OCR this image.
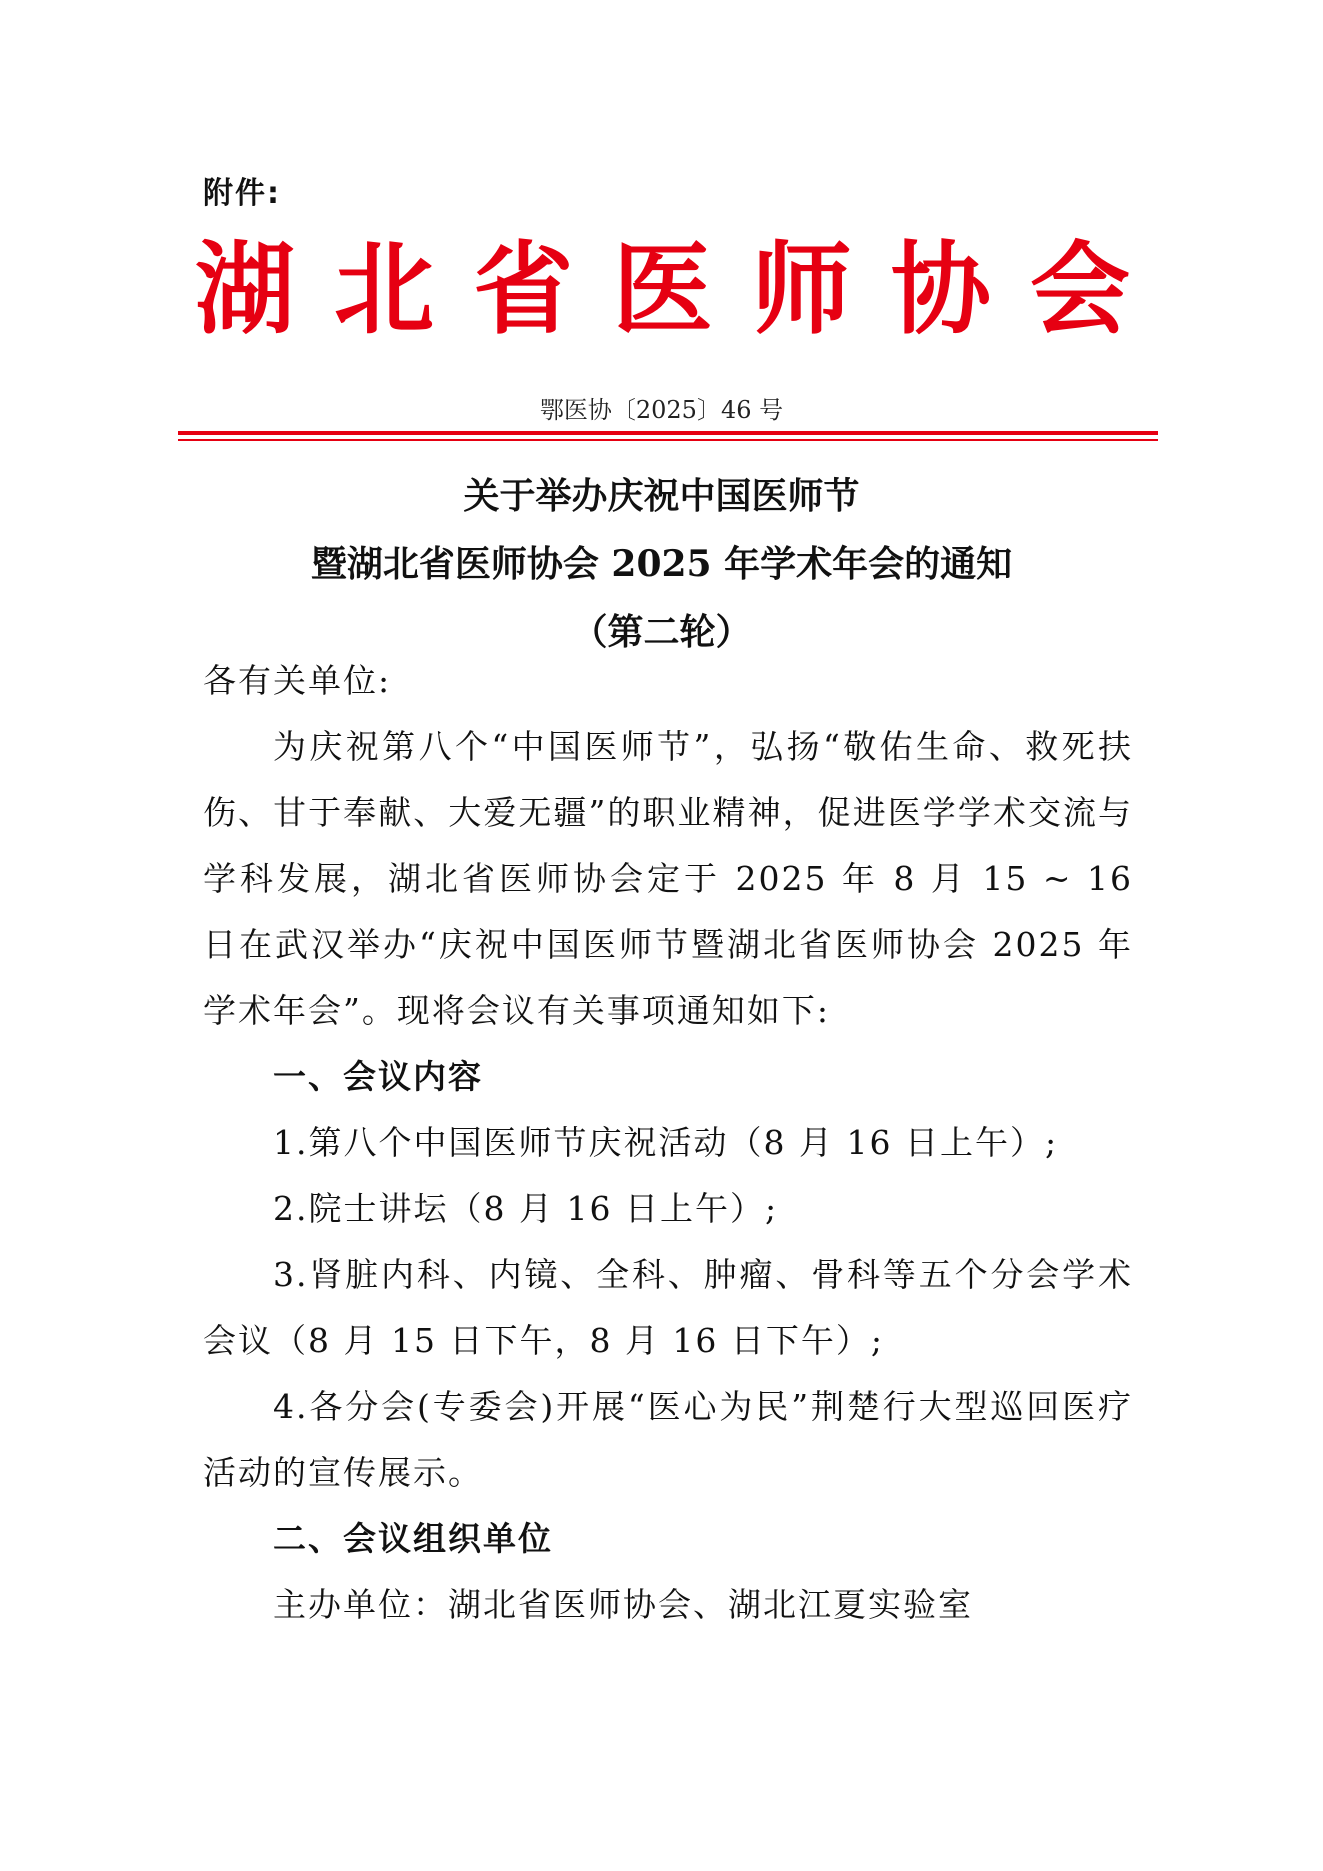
附件:
湖北省医师协会
鄂医协〔2025〕46 号
关于举办庆祝中国医师节
暨湖北省医师协会 2025 年学术年会的通知
（第二轮）

各有关单位:

为庆祝第八个“中国医师节”，弘扬“敬佑生命、救死扶伤、甘于奉献、大爱无疆”的职业精神，促进医学学术交流与学科发展，湖北省医师协会定于 2025 年 8 月 15 ~ 16 日在武汉举办“庆祝中国医师节暨湖北省医师协会 2025 年学术年会”。现将会议有关事项通知如下:

一、会议内容

1.第八个中国医师节庆祝活动（8 月 16 日上午）;

2.院士讲坛（8 月 16 日上午）;

3.肾脏内科、内镜、全科、肿瘤、骨科等五个分会学术会议（8 月 15 日下午，8 月 16 日下午）;

4.各分会(专委会)开展“医心为民”荆楚行大型巡回医疗活动的宣传展示。

二、会议组织单位

主办单位：湖北省医师协会、湖北江夏实验室
